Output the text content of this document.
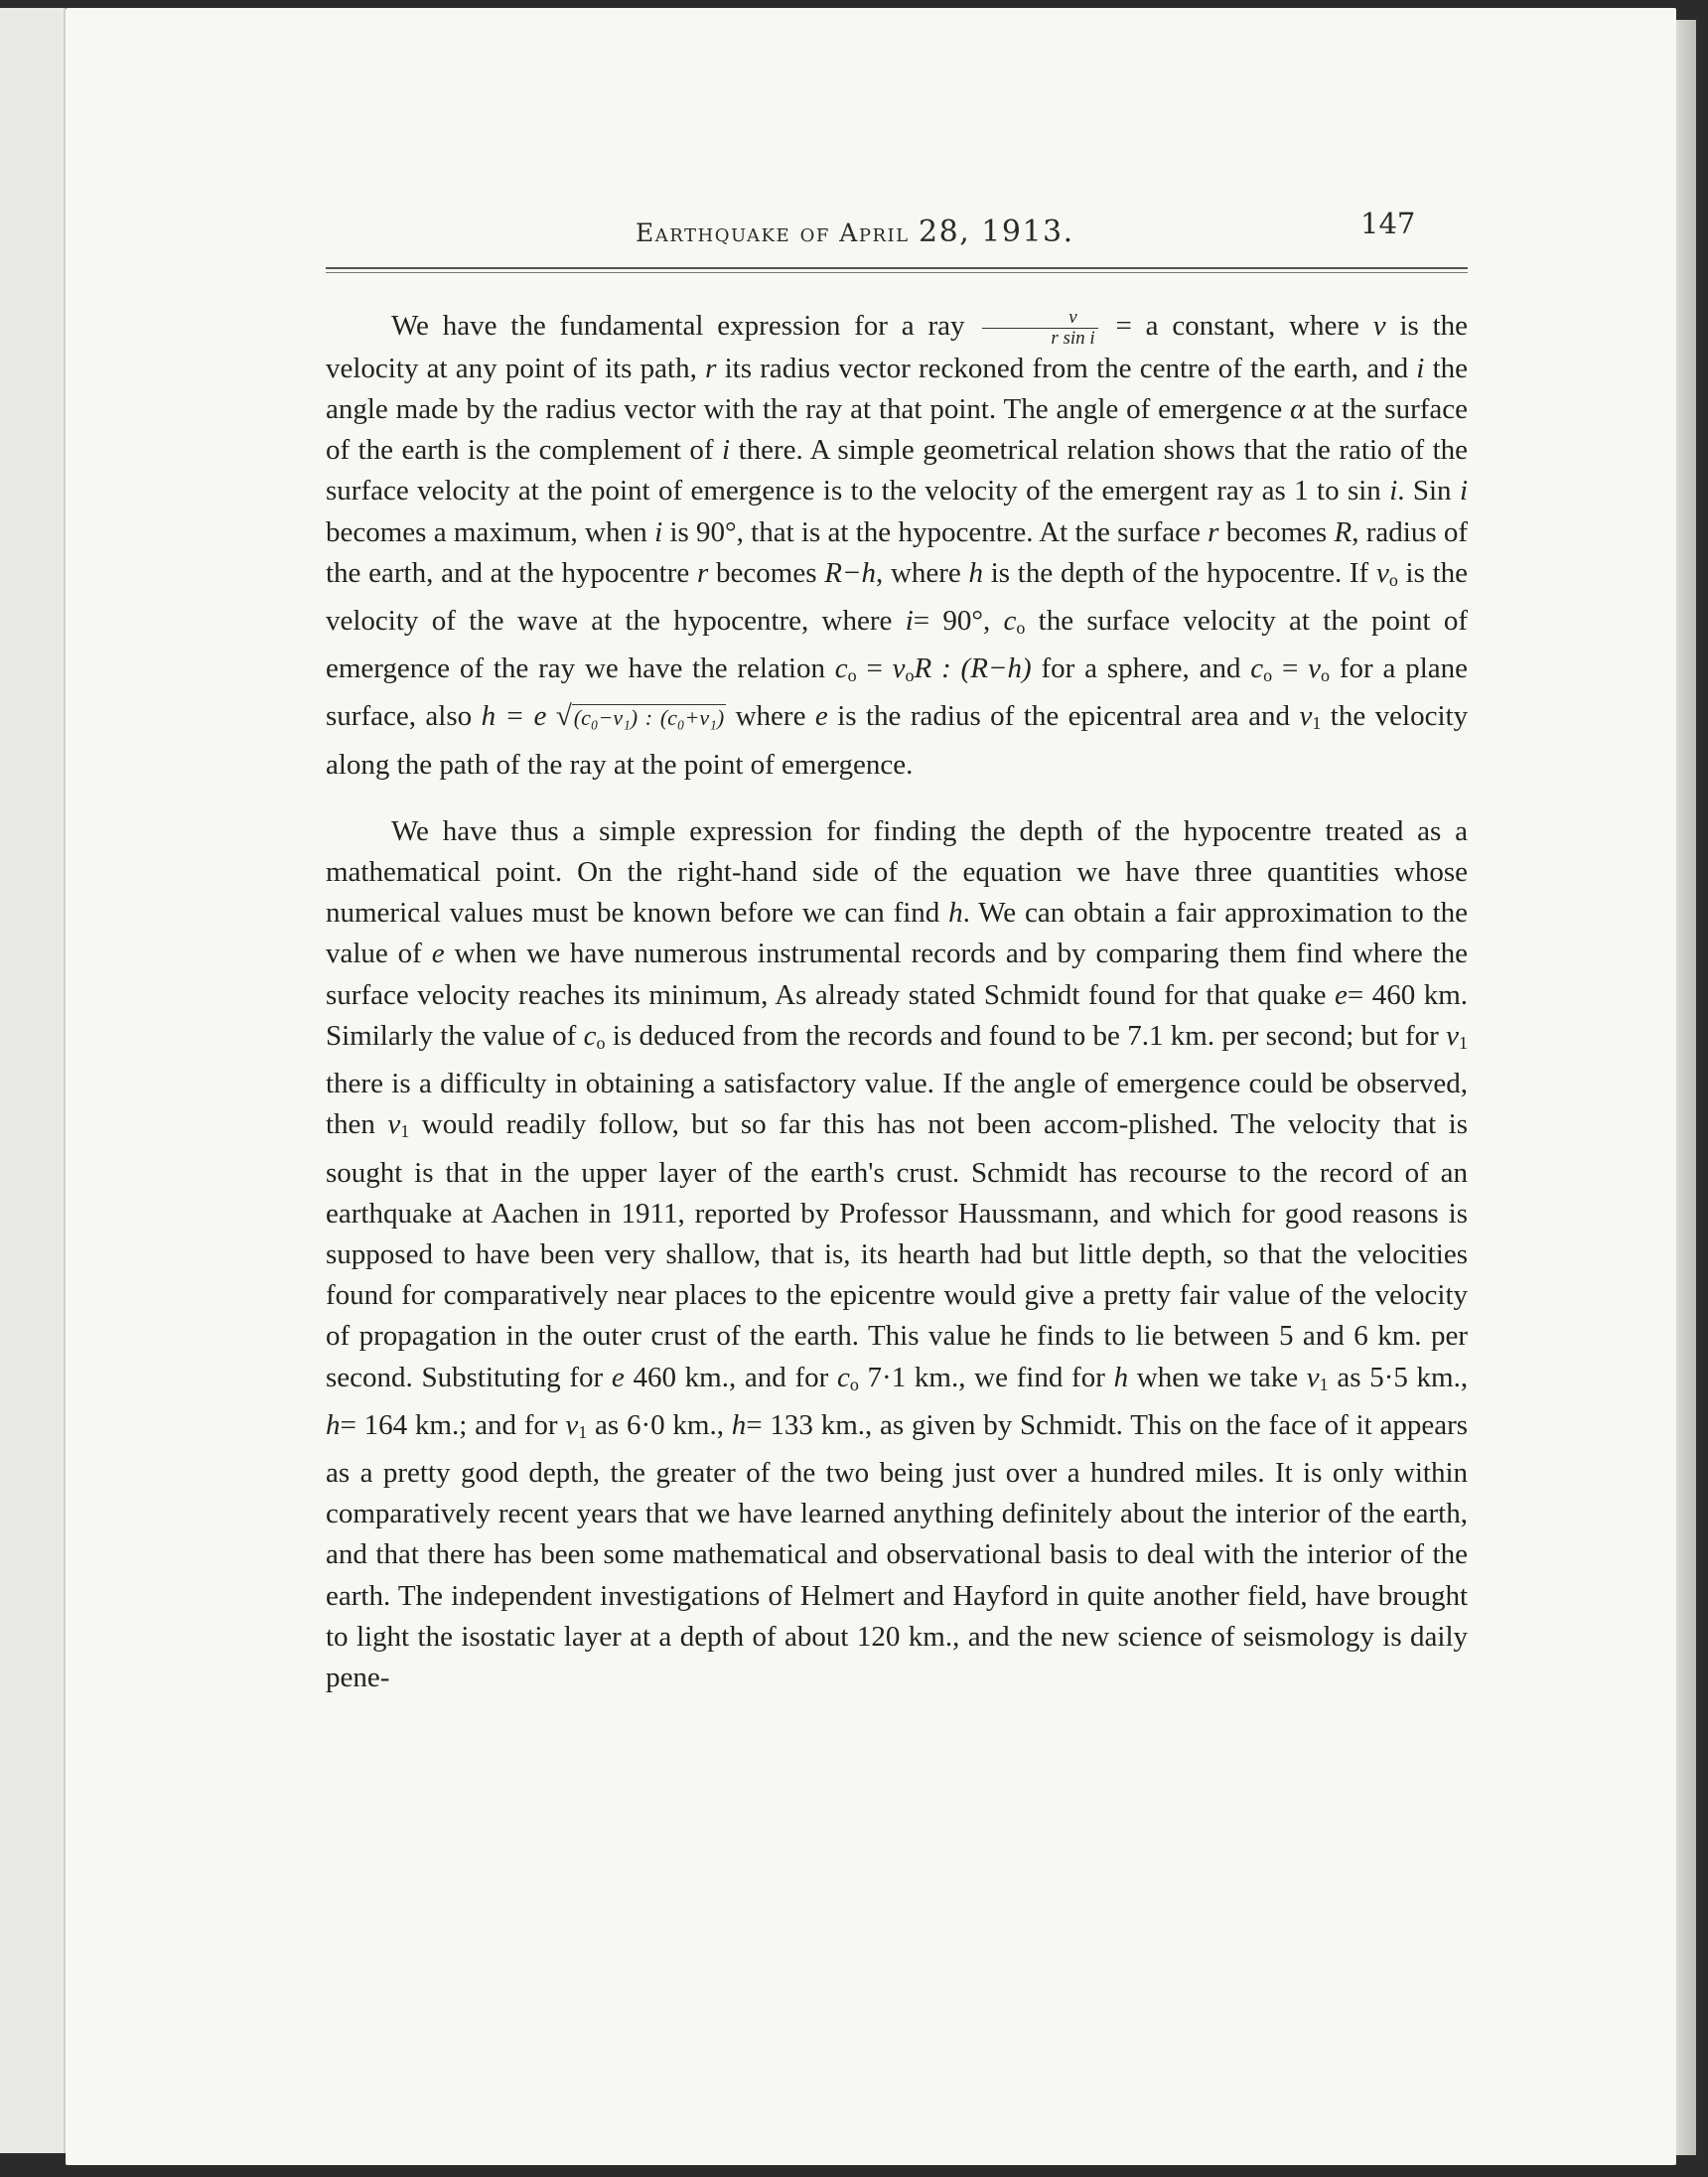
Earthquake of April 28, 1913.	147

We have the fundamental expression for a ray $\frac{v}{\text{r sin i}} = a$ constant, where v is the velocity at any point of its path, r its radius vector reckoned from the centre of the earth, and i the angle made by the radius vector with the ray at that point. The angle of emergence α at the surface of the earth is the complement of i there. A simple geometrical relation shows that the ratio of the surface velocity at the point of emergence is to the velocity of the emergent ray as 1 to sin i. Sin i becomes a maximum, when i is 90°, that is at the hypocentre. At the surface r becomes R, radius of the earth, and at the hypocentre r becomes R−h, where h is the depth of the hypocentre. If $v_o$ is the velocity of the wave at the hypocentre, where i= 90°, $c_o$ the surface velocity at the point of emergence of the ray we have the relation $c_o = v_oR$ : (R−h) for a sphere, and $c_o = v_o$ for a plane surface, also h = e √(c₀−v₁) : (c₀+v₁) where e is the radius of the epicentral area and $v_1$ the velocity along the path of the ray at the point of emergence.

We have thus a simple expression for finding the depth of the hypocentre treated as a mathematical point. On the right-hand side of the equation we have three quantities whose numerical values must be known before we can find h. We can obtain a fair approximation to the value of e when we have numerous instrumental records and by comparing them find where the surface velocity reaches its minimum, As already stated Schmidt found for that quake e= 460 km. Similarly the value of $c_o$ is deduced from the records and found to be 7.1 km. per second; but for $v_1$ there is a difficulty in obtaining a satisfactory value. If the angle of emergence could be observed, then $v_1$ would readily follow, but so far this has not been accom-plished. The velocity that is sought is that in the upper layer of the earth's crust. Schmidt has recourse to the record of an earthquake at Aachen in 1911, reported by Professor Haussmann, and which for good reasons is supposed to have been very shallow, that is, its hearth had but little depth, so that the velocities found for comparatively near places to the epicentre would give a pretty fair value of the velocity of propagation in the outer crust of the earth. This value he finds to lie between 5 and 6 km. per second. Substituting for e 460 km., and for $c_o$ 7·1 km., we find for h when we take $v_1$ as 5·5 km., h= 164 km.; and for $v_1$ as 6·0 km., h= 133 km., as given by Schmidt. This on the face of it appears as a pretty good depth, the greater of the two being just over a hundred miles. It is only within comparatively recent years that we have learned anything definitely about the interior of the earth, and that there has been some mathematical and observational basis to deal with the interior of the earth. The independent investigations of Helmert and Hayford in quite another field, have brought to light the isostatic layer at a depth of about 120 km., and the new science of seismology is daily pene-
